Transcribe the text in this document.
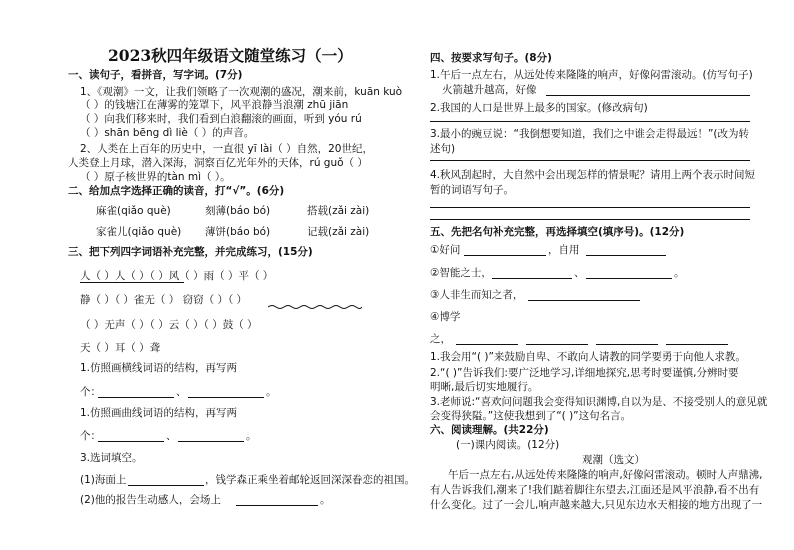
2023秋四年级语文随堂练习（一）
一、读句子，看拼音，写字词。(7分)
1、《观潮》一文，让我们领略了一次观潮的盛况，潮来前，kuān kuò
（ ）的钱塘江在薄雾的笼罩下，风平浪静当浪潮 zhū jiān
（ ）向我们移来时，我们看到白浪翻滚的画面，听到 yóu rú
（ ）shān bēng dì liè（ ）的声音。
2、人类在上百年的历史中，一直很 yī lài（ ）自然，20世纪，
人类登上月球，潜入深海，洞察百亿光年外的天体，rú guǒ（ ）
（ ）原子核世界的tàn mì（ ）。
二、给加点字选择正确的读音，打“√”。(6分)
麻雀(qiǎo què)	刻薄(báo bó)	搭载(zǎi zài)
家雀儿(qiǎo què) 薄饼(báo bó)	记载(zǎi zài)
三、把下列四字词语补充完整，并完成练习，(15分)
人（ ）人（ ）（ ）风（ ）雨（ ）平（ ）
静（ ）（ ）雀无（ ） 窃窃（ ）（ ）
（ ）无声（ ）（ ）云（ ）（ ）鼓（ ）
天（ ）耳（ ）聋
1.仿照画横线词语的结构，再写两
个：	、	。
1.仿照画曲线词语的结构，再写两
个：	、	。
3.选词填空。
(1)海面上	，钱学森正乘坐着邮轮返回深深眷恋的祖国。
(2)他的报告生动感人，会场上	。
四、按要求写句子。(8分)
1.午后一点左右，从远处传来隆隆的响声，好像闷雷滚动。(仿写句子)
火箭越升越高，好像
2.我国的人口是世界上最多的国家。(修改病句)
3.最小的豌豆说：“我倒想要知道，我们之中谁会走得最远！”(改为转
述句)
4.秋风刮起时，大自然中会出现怎样的情景呢？请用上两个表示时间短
暂的词语写句子。
五、先把名句补充完整，再选择填空(填序号)。(12分)
①好问	，自用
②智能之士，	、	。
③人非生而知之者，
④博学
之，
1.我会用“( )”来鼓励自卑、不敢向人请教的同学要勇于向他人求教。
2.“( )”告诉我们:要广泛地学习,详细地探究,思考时要谨慎,分辨时要
明晰,最后切实地履行。
3.老师说:“喜欢问问题我会变得知识渊博,自以为是、不接受别人的意见就
会变得狭隘。”这使我想到了“( )”这句名言。
六、阅读理解。(共22分)
(一)课内阅读。(12分)
观潮（选文）
午后一点左右,从远处传来隆隆的响声,好像闷雷滚动。顿时人声鼎沸,
有人告诉我们,潮来了!我们踮着脚往东望去,江面还是风平浪静,看不出有
什么变化。过了一会儿,响声越来越大,只见东边水天相接的地方出现了一
